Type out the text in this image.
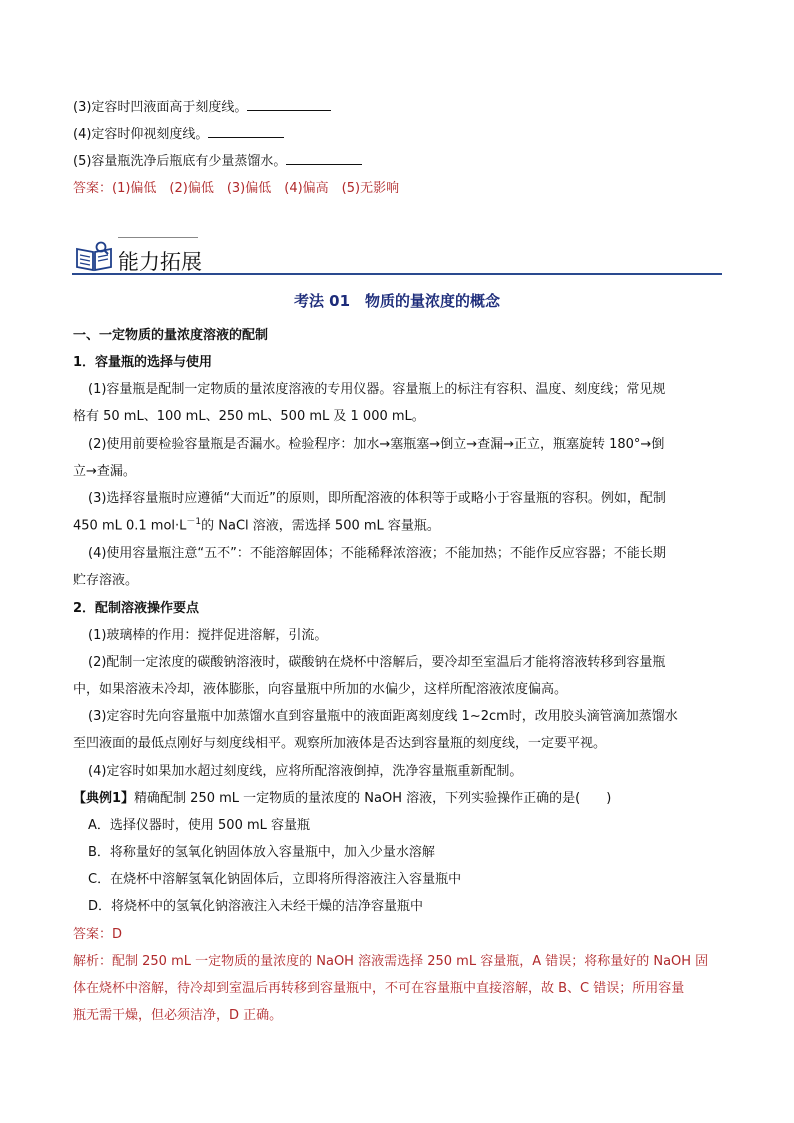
(3)定容时凹液面高于刻度线。
(4)定容时仰视刻度线。
(5)容量瓶洗净后瓶底有少量蒸馏水。
答案：(1)偏低　(2)偏低　(3)偏低　(4)偏高　(5)无影响
能力拓展
考法 01　物质的量浓度的概念
一、一定物质的量浓度溶液的配制
1．容量瓶的选择与使用
(1)容量瓶是配制一定物质的量浓度溶液的专用仪器。容量瓶上的标注有容积、温度、刻度线；常见规
格有 50 mL、100 mL、250 mL、500 mL 及 1 000 mL。
(2)使用前要检验容量瓶是否漏水。检验程序：加水→塞瓶塞→倒立→查漏→正立，瓶塞旋转 180°→倒
立→查漏。
(3)选择容量瓶时应遵循“大而近”的原则，即所配溶液的体积等于或略小于容量瓶的容积。例如，配制
450 mL 0.1 $mol\cdot L^{-1}$的 NaCl 溶液，需选择 500 mL 容量瓶。
(4)使用容量瓶注意“五不”：不能溶解固体；不能稀释浓溶液；不能加热；不能作反应容器；不能长期
贮存溶液。
2．配制溶液操作要点
(1)玻璃棒的作用：搅拌促进溶解，引流。
(2)配制一定浓度的碳酸钠溶液时，碳酸钠在烧杯中溶解后，要冷却至室温后才能将溶液转移到容量瓶
中，如果溶液未冷却，液体膨胀，向容量瓶中所加的水偏少，这样所配溶液浓度偏高。
(3)定容时先向容量瓶中加蒸馏水直到容量瓶中的液面距离刻度线 1~2cm时，改用胶头滴管滴加蒸馏水
至凹液面的最低点刚好与刻度线相平。观察所加液体是否达到容量瓶的刻度线，一定要平视。
(4)定容时如果加水超过刻度线，应将所配溶液倒掉，洗净容量瓶重新配制。
【典例1】精确配制 250 mL 一定物质的量浓度的 NaOH 溶液，下列实验操作正确的是(　　)
A．选择仪器时，使用 500 mL 容量瓶
B．将称量好的氢氧化钠固体放入容量瓶中，加入少量水溶解
C．在烧杯中溶解氢氧化钠固体后，立即将所得溶液注入容量瓶中
D．将烧杯中的氢氧化钠溶液注入未经干燥的洁净容量瓶中
答案：D
解析：配制 250 mL 一定物质的量浓度的 NaOH 溶液需选择 250 mL 容量瓶，A 错误；将称量好的 NaOH 固
体在烧杯中溶解，待冷却到室温后再转移到容量瓶中，不可在容量瓶中直接溶解，故 B、C 错误；所用容量
瓶无需干燥，但必须洁净，D 正确。
